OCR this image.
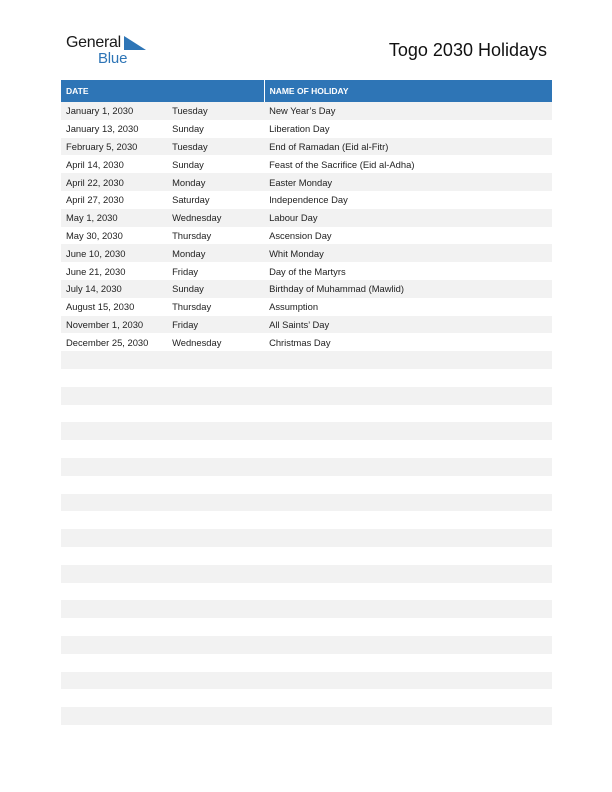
General
Blue	Togo 2030 Holidays
DATE		NAME OF HOLIDAY
January 1, 2030	Tuesday	New Year’s Day
January 13, 2030	Sunday	Liberation Day
February 5, 2030	Tuesday	End of Ramadan (Eid al-Fitr)
April 14, 2030	Sunday	Feast of the Sacrifice (Eid al-Adha)
April 22, 2030	Monday	Easter Monday
April 27, 2030	Saturday	Independence Day
May 1, 2030	Wednesday	Labour Day
May 30, 2030	Thursday	Ascension Day
June 10, 2030	Monday	Whit Monday
June 21, 2030	Friday	Day of the Martyrs
July 14, 2030	Sunday	Birthday of Muhammad (Mawlid)
August 15, 2030	Thursday	Assumption
November 1, 2030	Friday	All Saints’ Day
December 25, 2030	Wednesday	Christmas Day
